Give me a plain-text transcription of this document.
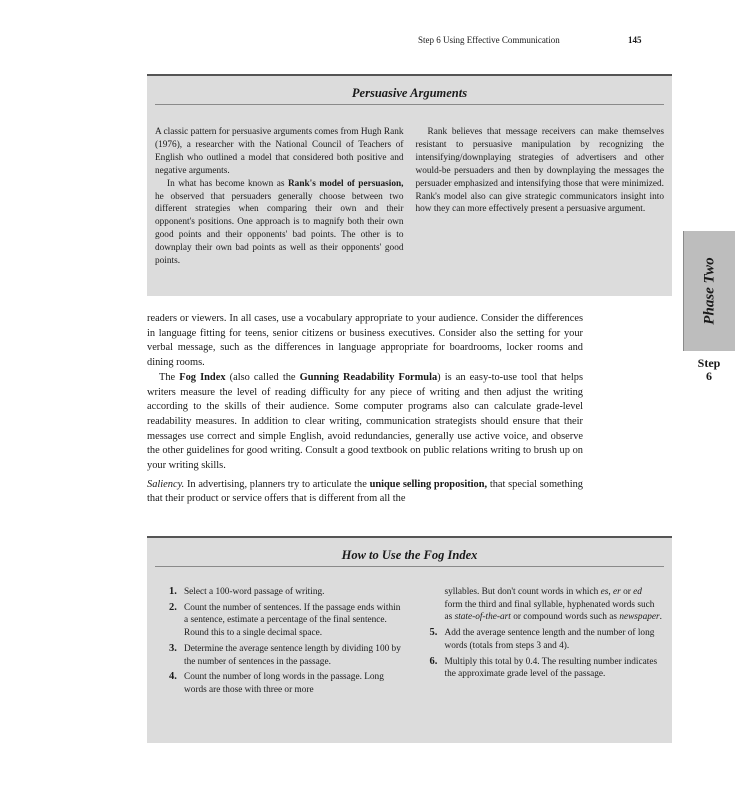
Step 6 Using Effective Communication	145
Persuasive Arguments

A classic pattern for persuasive arguments comes from Hugh Rank (1976), a researcher with the National Council of Teachers of English who outlined a model that considered both positive and negative arguments.

In what has become known as Rank's model of persuasion, he observed that persuaders generally choose between two different strategies when comparing their own and their opponent's positions. One approach is to magnify both their own good points and their opponents' bad points. The other is to downplay their own bad points as well as their opponents' good points.

Rank believes that message receivers can make themselves resistant to persuasive manipulation by recognizing the intensifying/downplaying strategies of advertisers and other would-be persuaders and then by downplaying the messages the persuader emphasized and intensifying those that were minimized. Rank's model also can give strategic communicators insight into how they can more effectively present a persuasive argument.

readers or viewers. In all cases, use a vocabulary appropriate to your audience. Consider the differences in language fitting for teens, senior citizens or business executives. Consider also the setting for your verbal message, such as the differences in language appropriate for boardrooms, locker rooms and dining rooms.

The Fog Index (also called the Gunning Readability Formula) is an easy-to-use tool that helps writers measure the level of reading difficulty for any piece of writing and then adjust the writing according to the skills of their audience. Some computer programs also can calculate grade-level readability measures. In addition to clear writing, communication strategists should ensure that their messages use correct and simple English, avoid redundancies, generally use active voice, and observe the other guidelines for good writing. Consult a good textbook on public relations writing to brush up on your writing skills.

Saliency. In advertising, planners try to articulate the unique selling proposition, that special something that their product or service offers that is different from all the

How to Use the Fog Index
1. Select a 100-word passage of writing.
2. Count the number of sentences. If the passage ends within a sentence, estimate a percentage of the final sentence. Round this to a single decimal space.
3. Determine the average sentence length by dividing 100 by the number of sentences in the passage.
4. Count the number of long words in the passage. Long words are those with three or more
syllables. But don't count words in which es, er or ed form the third and final syllable, hyphenated words such as state-of-the-art or compound words such as newspaper.
5. Add the average sentence length and the number of long words (totals from steps 3 and 4).
6. Multiply this total by 0.4. The resulting number indicates the approximate grade level of the passage.
Phase Two
Step
6
